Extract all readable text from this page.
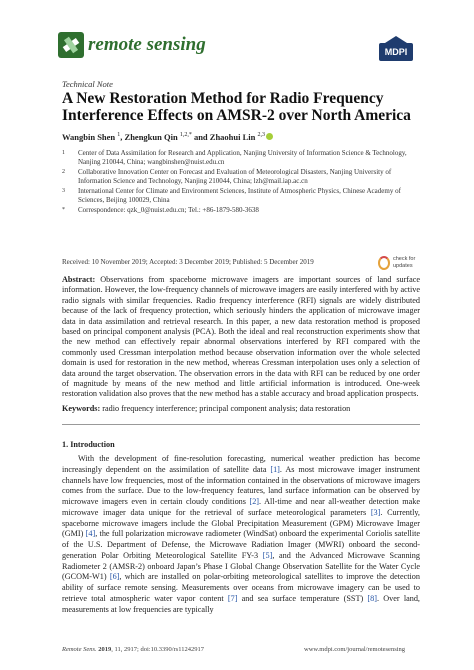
remote sensing	MDPI
Technical Note
A New Restoration Method for Radio Frequency Interference Effects on AMSR-2 over North America
Wangbin Shen $^1$, Zhengkun Qin $^{1,2,*}$ and Zhaohui Lin $^{2,3}$
1 Center of Data Assimilation for Research and Application, Nanjing University of Information Science & Technology, Nanjing 210044, China; wangbinshen@nuist.edu.cn
2 Collaborative Innovation Center on Forecast and Evaluation of Meteorological Disasters, Nanjing University of Information Science and Technology, Nanjing 210044, China; lzh@mail.iap.ac.cn
3 International Center for Climate and Environment Sciences, Institute of Atmospheric Physics, Chinese Academy of Sciences, Beijing 100029, China
* Correspondence: qzk_0@nuist.edu.cn; Tel.: +86-1879-580-3638
Received: 10 November 2019; Accepted: 3 December 2019; Published: 5 December 2019	check for
updates

Abstract: Observations from spaceborne microwave imagers are important sources of land surface information. However, the low-frequency channels of microwave imagers are easily interfered with by active radio signals with similar frequencies. Radio frequency interference (RFI) signals are widely distributed because of the lack of frequency protection, which seriously hinders the application of microwave imager data in data assimilation and retrieval research. In this paper, a new data restoration method is proposed based on principal component analysis (PCA). Both the ideal and real reconstruction experiments show that the new method can effectively repair abnormal observations interfered by RFI compared with the commonly used Cressman interpolation method because observation information over the whole selected domain is used for restoration in the new method, whereas Cressman interpolation uses only a selection of data around the target observation. The observation errors in the data with RFI can be reduced by one order of magnitude by means of the new method and little artificial information is introduced. One-week restoration validation also proves that the new method has a stable accuracy and broad application prospects.

Keywords: radio frequency interference; principal component analysis; data restoration

1. Introduction

With the development of fine-resolution forecasting, numerical weather prediction has become increasingly dependent on the assimilation of satellite data [1]. As most microwave imager instrument channels have low frequencies, most of the information contained in the observations of microwave imagers comes from the surface. Due to the low-frequency features, land surface information can be observed by microwave imagers even in certain cloudy conditions [2]. All-time and near all-weather detection make microwave imager data unique for the retrieval of surface meteorological parameters [3]. Currently, spaceborne microwave imagers include the Global Precipitation Measurement (GPM) Microwave Imager (GMI) [4], the full polarization microwave radiometer (WindSat) onboard the experimental Coriolis satellite of the U.S. Department of Defense, the Microwave Radiation Imager (MWRI) onboard the second-generation Polar Orbiting Meteorological Satellite FY-3 [5], and the Advanced Microwave Scanning Radiometer 2 (AMSR-2) onboard Japan’s Phase I Global Change Observation Satellite for the Water Cycle (GCOM-W1) [6], which are installed on polar-orbiting meteorological satellites to improve the detection ability of surface remote sensing. Measurements over oceans from microwave imagery can be used to retrieve total atmospheric water vapor content [7] and sea surface temperature (SST) [8]. Over land, measurements at low frequencies are typically

Remote Sens. 2019, 11, 2917; doi:10.3390/rs11242917	www.mdpi.com/journal/remotesensing
